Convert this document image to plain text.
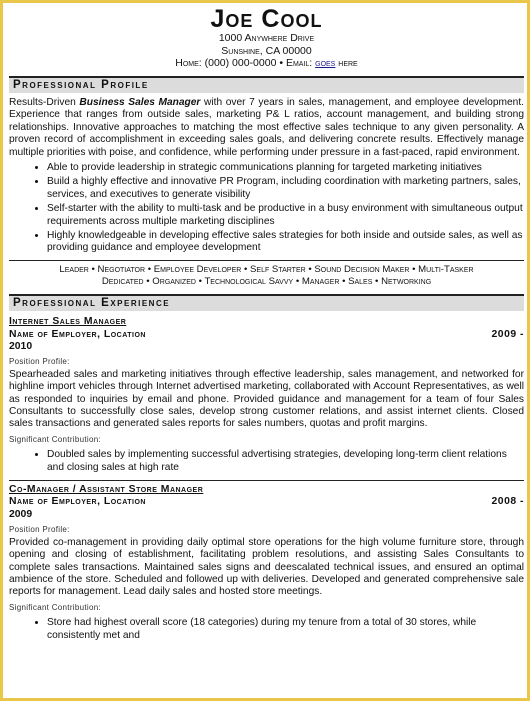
Joe Cool
1000 Anywhere Drive
Sunshine, CA 00000
Home: (000) 000-0000 • Email: goes here
Professional Profile

Results-Driven Business Sales Manager with over 7 years in sales, management, and employee development. Experience that ranges from outside sales, marketing P& L ratios, account management, and building strong relationships. Innovative approaches to matching the most effective sales technique to any given personality. A proven record of accomplishment in exceeding sales goals, and delivering concrete results. Effectively manage multiple priorities with poise, and confidence, while performing under pressure in a fast-paced, rapid environment.

• Able to provide leadership in strategic communications planning for targeted marketing initiatives
• Build a highly effective and innovative PR Program, including coordination with marketing partners, sales, services, and executives to generate visibility
• Self-starter with the ability to multi-task and be productive in a busy environment with simultaneous output requirements across multiple marketing disciplines
• Highly knowledgeable in developing effective sales strategies for both inside and outside sales, as well as providing guidance and employee development
Leader • Negotiator • Employee Developer • Self Starter • Sound Decision Maker • Multi-Tasker
Dedicated • Organized • Technological Savvy • Manager • Sales • Networking
Professional Experience
Internet Sales Manager
Name of Employer, Location	2009 -
2010
Position Profile:

Spearheaded sales and marketing initiatives through effective leadership, sales management, and networked for highline import vehicles through Internet advertised marketing, collaborated with Account Representatives, as well as responded to inquiries by email and phone. Provided guidance and management for a team of four Sales Consultants to successfully close sales, develop strong customer relations, and assist internet clients. Closed sales transactions and generated sales reports for sales numbers, quotas and profit margins.

Significant Contribution:
• Doubled sales by implementing successful advertising strategies, developing long-term client relations and closing sales at high rate
Co-Manager / Assistant Store Manager
Name of Employer, Location	2008 -
2009
Position Profile:

Provided co-management in providing daily optimal store operations for the high volume furniture store, through opening and closing of establishment, facilitating problem resolutions, and assisting Sales Consultants to complete sales transactions. Maintained sales signs and deescalated technical issues, and ensured an optimal ambience of the store. Scheduled and followed up with deliveries. Developed and generated comprehensive sale reports for management. Lead daily sales and hosted store meetings.

Significant Contribution:
• Store had highest overall score (18 categories) during my tenure from a total of 30 stores, while consistently met and
